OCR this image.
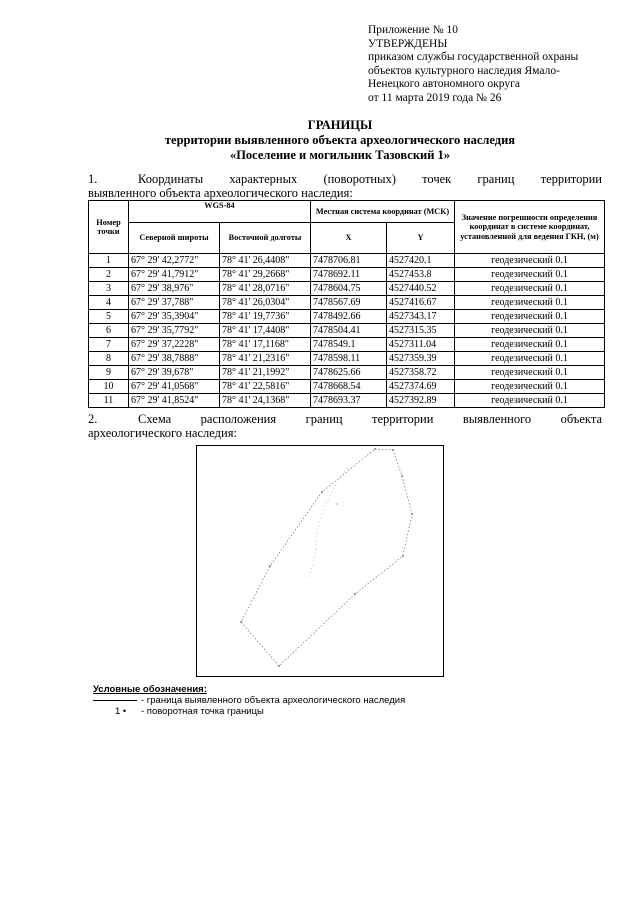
Приложение № 10
УТВЕРЖДЕНЫ
приказом службы государственной охраны
объектов культурного наследия Ямало-
Ненецкого автономного округа
от 11 марта 2019 года № 26
ГРАНИЦЫ
территории выявленного объекта археологического наследия
«Поселение и могильник Тазовский 1»
1.	Координаты характерных (поворотных) точек границ территории
выявленного объекта археологического наследия:
Номер точки	WGS-84		Местная система координат (МСК)		Значение погрешности определения координат в системе координат, установленной для ведения ГКН, (м)
	Северной широты	Восточной долготы	X	Y	
1	67° 29' 42,2772"	78° 41' 26,4408"	7478706.81	4527420.1	геодезический 0.1
2	67° 29' 41,7912"	78° 41' 29,2668"	7478692.11	4527453.8	геодезический 0.1
3	67° 29' 38,976"	78° 41' 28,0716"	7478604.75	4527440.52	геодезический 0.1
4	67° 29' 37,788"	78° 41' 26,0304"	7478567.69	4527416.67	геодезический 0.1
5	67° 29' 35,3904"	78° 41' 19,7736"	7478492.66	4527343.17	геодезический 0.1
6	67° 29' 35,7792"	78° 41' 17,4408"	7478504.41	4527315.35	геодезический 0.1
7	67° 29' 37,2228"	78° 41' 17,1168"	7478549.1	4527311.04	геодезический 0.1
8	67° 29' 38,7888"	78° 41' 21,2316"	7478598.11	4527359.39	геодезический 0.1
9	67° 29' 39,678"	78° 41' 21,1992"	7478625.66	4527358.72	геодезический 0.1
10	67° 29' 41,0568"	78° 41' 22,5816"	7478668.54	4527374.69	геодезический 0.1
11	67° 29' 41,8524"	78° 41' 24,1368"	7478693.37	4527392.89	геодезический 0.1
2.	Схема расположения границ территории выявленного объекта
археологического наследия:
Условные обозначения:
- граница выявленного объекта археологического наследия
1 • - поворотная точка границы
